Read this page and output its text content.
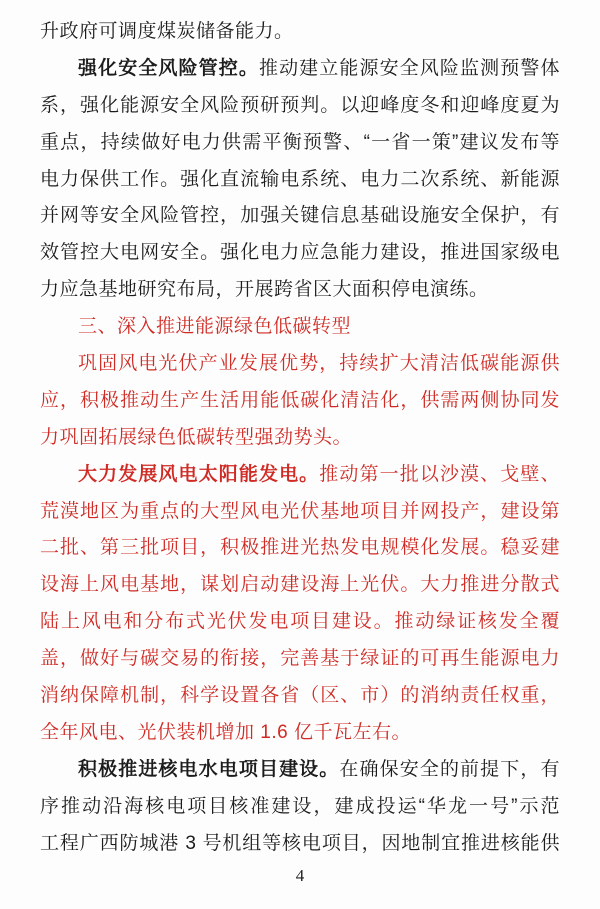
升政府可调度煤炭储备能力。
强化安全风险管控。推动建立能源安全风险监测预警体
系，强化能源安全风险预研预判。以迎峰度冬和迎峰度夏为
重点，持续做好电力供需平衡预警、“一省一策”建议发布等
电力保供工作。强化直流输电系统、电力二次系统、新能源
并网等安全风险管控，加强关键信息基础设施安全保护，有
效管控大电网安全。强化电力应急能力建设，推进国家级电
力应急基地研究布局，开展跨省区大面积停电演练。
三、深入推进能源绿色低碳转型
巩固风电光伏产业发展优势，持续扩大清洁低碳能源供
应，积极推动生产生活用能低碳化清洁化，供需两侧协同发
力巩固拓展绿色低碳转型强劲势头。
大力发展风电太阳能发电。推动第一批以沙漠、戈壁、
荒漠地区为重点的大型风电光伏基地项目并网投产，建设第
二批、第三批项目，积极推进光热发电规模化发展。稳妥建
设海上风电基地，谋划启动建设海上光伏。大力推进分散式
陆上风电和分布式光伏发电项目建设。推动绿证核发全覆
盖，做好与碳交易的衔接，完善基于绿证的可再生能源电力
消纳保障机制，科学设置各省（区、市）的消纳责任权重，
全年风电、光伏装机增加 1.6 亿千瓦左右。
积极推进核电水电项目建设。在确保安全的前提下，有
序推动沿海核电项目核准建设，建成投运“华龙一号”示范
工程广西防城港 3 号机组等核电项目，因地制宜推进核能供
4
